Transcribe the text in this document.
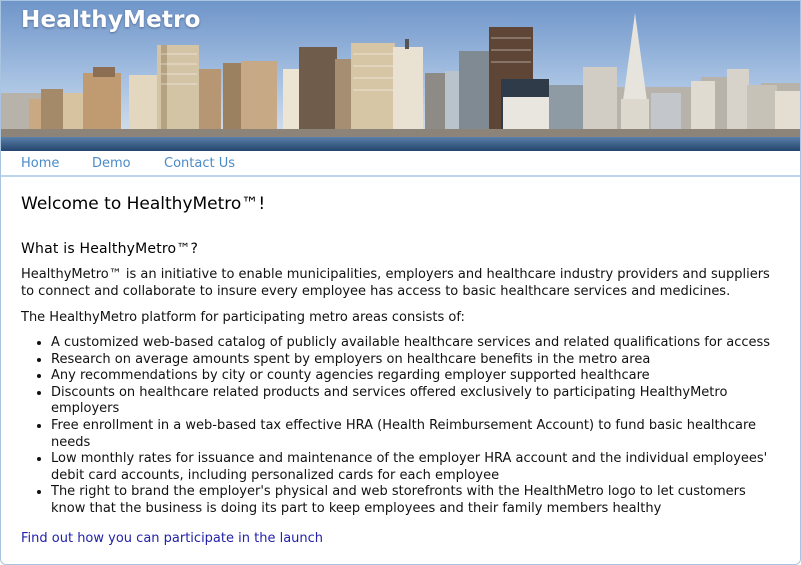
HealthyMetro
Home	Demo	Contact Us
Welcome to HealthyMetro™!
What is HealthyMetro™?

HealthyMetro™ is an initiative to enable municipalities, employers and healthcare industry providers and suppliers to connect and collaborate to insure every employee has access to basic healthcare services and medicines.

The HealthyMetro platform for participating metro areas consists of:

• A customized web-based catalog of publicly available healthcare services and related qualifications for access
• Research on average amounts spent by employers on healthcare benefits in the metro area
• Any recommendations by city or county agencies regarding employer supported healthcare
• Discounts on healthcare related products and services offered exclusively to participating HealthyMetro employers
• Free enrollment in a web-based tax effective HRA (Health Reimbursement Account) to fund basic healthcare needs
• Low monthly rates for issuance and maintenance of the employer HRA account and the individual employees' debit card accounts, including personalized cards for each employee
• The right to brand the employer's physical and web storefronts with the HealthMetro logo to let customers know that the business is doing its part to keep employees and their family members healthy
Find out how you can participate in the launch
